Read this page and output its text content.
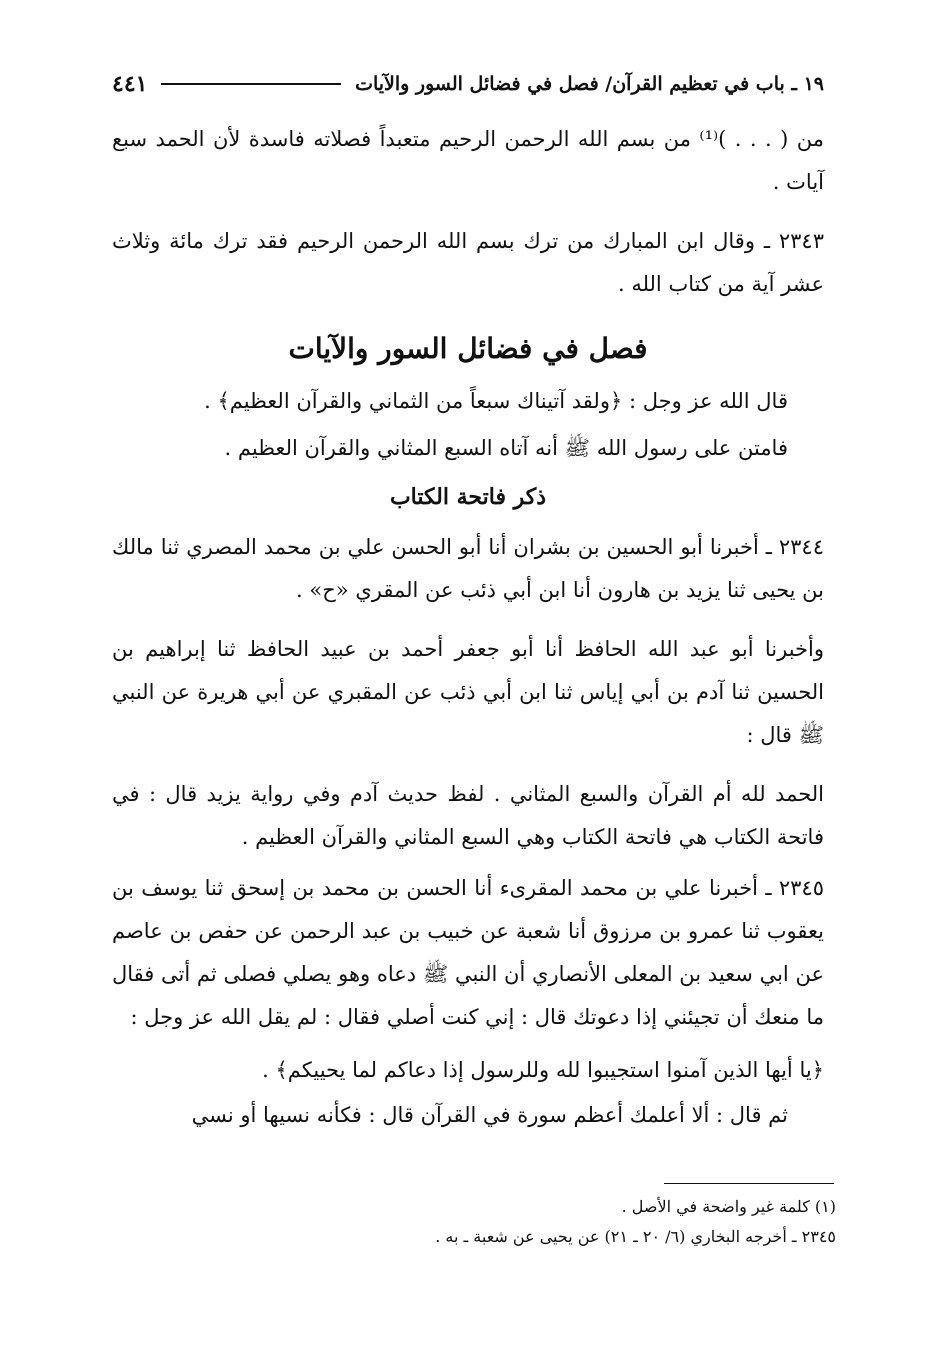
١٩ ـ باب في تعظيم القرآن/ فصل في فضائل السور والآيات
٤٤١

من ( . . . )⁽¹⁾ من بسم الله الرحمن الرحيم متعبداً فصلاته فاسدة لأن الحمد سبع آيات .

٢٣٤٣ ـ وقال ابن المبارك من ترك بسم الله الرحمن الرحيم فقد ترك مائة وثلاث عشر آية من كتاب الله .

فصل في فضائل السور والآيات

قال الله عز وجل : ﴿ولقد آتيناك سبعاً من الثماني والقرآن العظيم﴾ .

فامتن على رسول الله ﷺ أنه آتاه السبع المثاني والقرآن العظيم .

ذكر فاتحة الكتاب

٢٣٤٤ ـ أخبرنا أبو الحسين بن بشران أنا أبو الحسن علي بن محمد المصري ثنا مالك بن يحيى ثنا يزيد بن هارون أنا ابن أبي ذئب عن المقري «ح» .

وأخبرنا أبو عبد الله الحافظ أنا أبو جعفر أحمد بن عبيد الحافظ ثنا إبراهيم بن الحسين ثنا آدم بن أبي إياس ثنا ابن أبي ذئب عن المقبري عن أبي هريرة عن النبي ﷺ قال :

الحمد لله أم القرآن والسبع المثاني . لفظ حديث آدم وفي رواية يزيد قال : في فاتحة الكتاب هي فاتحة الكتاب وهي السبع المثاني والقرآن العظيم .

٢٣٤٥ ـ أخبرنا علي بن محمد المقرىء أنا الحسن بن محمد بن إسحق ثنا يوسف بن يعقوب ثنا عمرو بن مرزوق أنا شعبة عن خبيب بن عبد الرحمن عن حفص بن عاصم عن ابي سعيد بن المعلى الأنصاري أن النبي ﷺ دعاه وهو يصلي فصلى ثم أتى فقال ما منعك أن تجيئني إذا دعوتك قال : إني كنت أصلي فقال : لم يقل الله عز وجل :

﴿يا أيها الذين آمنوا استجيبوا لله وللرسول إذا دعاكم لما يحييكم﴾ .

ثم قال : ألا أعلمك أعظم سورة في القرآن قال : فكأنه نسيها أو نسي

(١) كلمة غير واضحة في الأصل .

٢٣٤٥ ـ أخرجه البخاري (٦/ ٢٠ ـ ٢١) عن يحيى عن شعبة ـ به .
